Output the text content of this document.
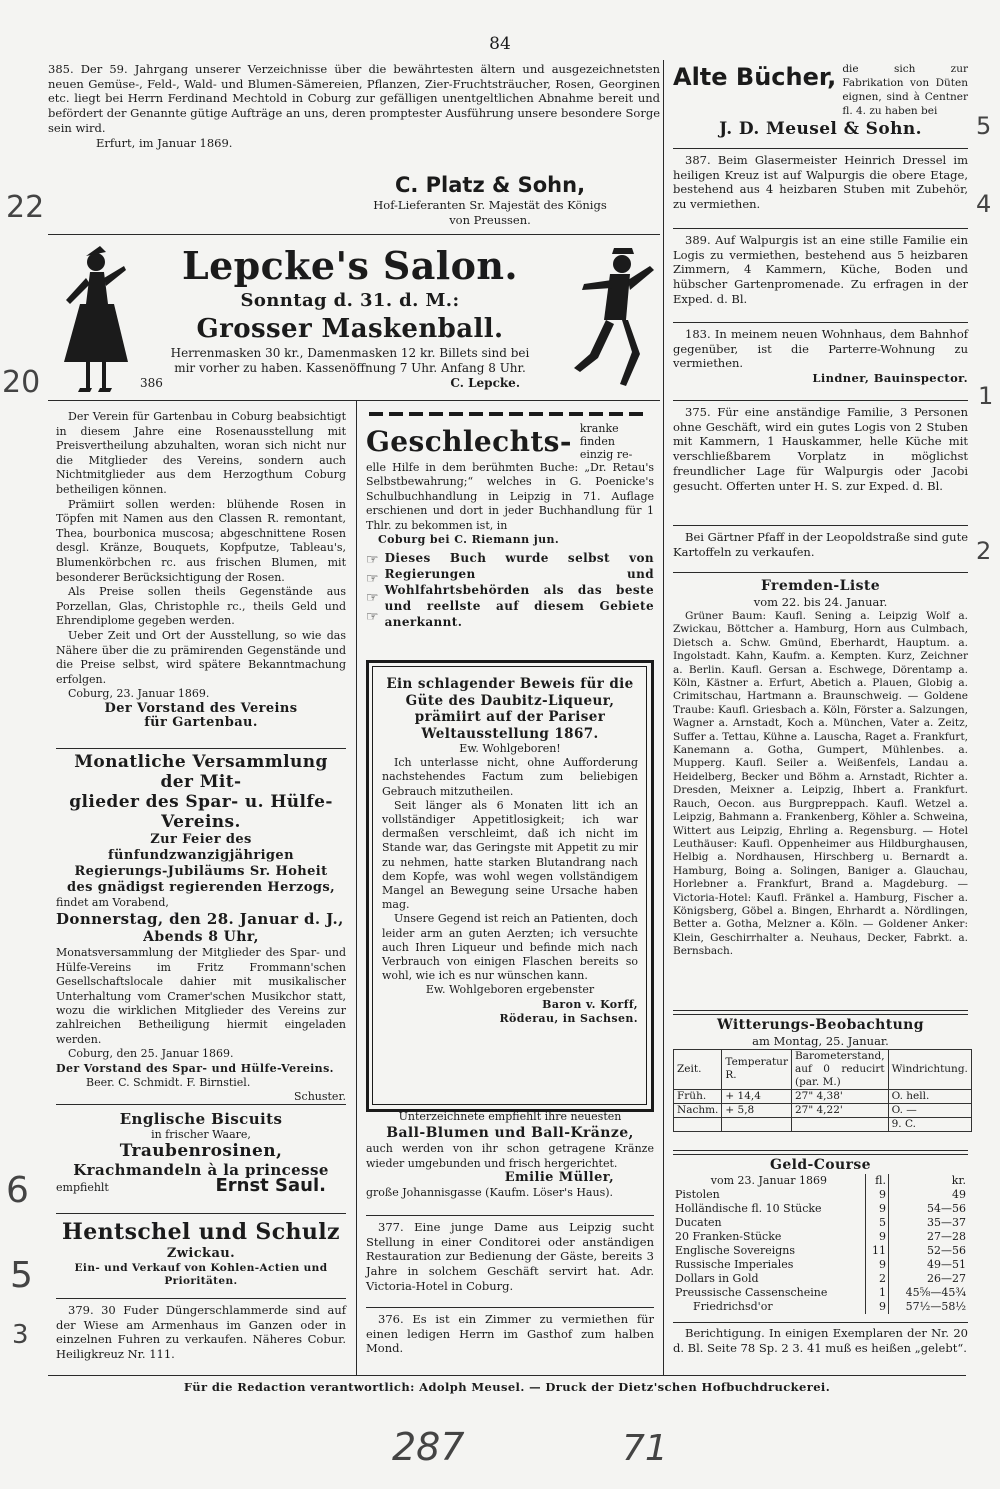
84

385. Der 59. Jahrgang unserer Verzeichnisse über die bewährtesten ältern und ausgezeichnetsten neuen Gemüse-, Feld-, Wald- und Blumen-Sämereien, Pflanzen, Zier-Fruchtsträucher, Rosen, Georginen etc. liegt bei Herrn Ferdinand Mechtold in Coburg zur gefälligen unentgeltlichen Abnahme bereit und befördert der Genannte gütige Aufträge an uns, deren promptester Ausführung unsere besondere Sorge sein wird.

Erfurt, im Januar 1869.

C. Platz & Sohn,
Hof-Lieferanten Sr. Majestät des Königs
von Preussen.
Lepcke's Salon.
Sonntag d. 31. d. M.:
Grosser Maskenball.
Herrenmasken 30 kr., Damenmasken 12 kr. Billets sind bei
mir vorher zu haben. Kassenöffnung 7 Uhr. Anfang 8 Uhr.
386	C. Lepcke.

Der Verein für Gartenbau in Coburg beabsichtigt in diesem Jahre eine Rosenausstellung mit Preisvertheilung abzuhalten, woran sich nicht nur die Mitglieder des Vereins, sondern auch Nichtmitglieder aus dem Herzogthum Coburg betheiligen können.

Prämiirt sollen werden: blühende Rosen in Töpfen mit Namen aus den Classen R. remontant, Thea, bourbonica muscosa; abgeschnittene Rosen desgl. Kränze, Bouquets, Kopfputze, Tableau's, Blumenkörbchen rc. aus frischen Blumen, mit besonderer Berücksichtigung der Rosen.

Als Preise sollen theils Gegenstände aus Porzellan, Glas, Christophle rc., theils Geld und Ehrendiplome gegeben werden.

Ueber Zeit und Ort der Ausstellung, so wie das Nähere über die zu prämirenden Gegenstände und die Preise selbst, wird spätere Bekanntmachung erfolgen.

Coburg, 23. Januar 1869.

Der Vorstand des Vereins

für Gartenbau.

Monatliche Versammlung der Mit-
glieder des Spar- u. Hülfe-Vereins.
Zur Feier des fünfundzwanzigjährigen
Regierungs-Jubiläums Sr. Hoheit
des gnädigst regierenden Herzogs,
findet am Vorabend,
Donnerstag, den 28. Januar d. J.,
Abends 8 Uhr,

Monatsversammlung der Mitglieder des Spar- und Hülfe-Vereins im Fritz Frommann'schen Gesellschaftslocale dahier mit musikalischer Unterhaltung vom Cramer'schen Musikchor statt, wozu die wirklichen Mitglieder des Vereins zur zahlreichen Betheiligung hiermit eingeladen werden.

Coburg, den 25. Januar 1869.

Der Vorstand des Spar- und Hülfe-Vereins.

Beer. C. Schmidt. F. Birnstiel.

Schuster.

Englische Biscuits
in frischer Waare,
Traubenrosinen,
Krachmandeln à la princesse
empfiehlt	Ernst Saul.
Hentschel und Schulz
Zwickau.
Ein- und Verkauf von Kohlen-Actien und
Prioritäten.

379. 30 Fuder Düngerschlammerde sind auf der Wiese am Armenhaus im Ganzen oder in einzelnen Fuhren zu verkaufen. Näheres Cobur. Heiligkreuz Nr. 111.

Geschlechts- kranke finden
einzig re-

elle Hilfe in dem berühmten Buche: „Dr. Retau's Selbstbewahrung;“ welches in G. Poenicke's Schulbuchhandlung in Leipzig in 71. Auflage erschienen und dort in jeder Buchhandlung für 1 Thlr. zu bekommen ist, in

Coburg bei C. Riemann jun.

☞
☞
☞
☞

Dieses Buch wurde selbst von Regierungen und Wohlfahrtsbehörden als das beste und reellste auf diesem Gebiete anerkannt.

Ein schlagender Beweis für die Güte des Daubitz-Liqueur, prämiirt auf der Pariser Weltausstellung 1867.

Ew. Wohlgeboren!

Ich unterlasse nicht, ohne Aufforderung nachstehendes Factum zum beliebigen Gebrauch mitzutheilen.

Seit länger als 6 Monaten litt ich an vollständiger Appetitlosigkeit; ich war dermaßen verschleimt, daß ich nicht im Stande war, das Geringste mit Appetit zu mir zu nehmen, hatte starken Blutandrang nach dem Kopfe, was wohl wegen vollständigem Mangel an Bewegung seine Ursache haben mag.

Unsere Gegend ist reich an Patienten, doch leider arm an guten Aerzten; ich versuchte auch Ihren Liqueur und befinde mich nach Verbrauch von einigen Flaschen bereits so wohl, wie ich es nur wünschen kann.

Ew. Wohlgeboren ergebenster

Baron v. Korff,

Röderau, in Sachsen.

Unterzeichnete empfiehlt ihre neuesten

Ball-Blumen und Ball-Kränze,

auch werden von ihr schon getragene Kränze wieder umgebunden und frisch hergerichtet.

Emilie Müller,

große Johannisgasse (Kaufm. Löser's Haus).

377. Eine junge Dame aus Leipzig sucht Stellung in einer Conditorei oder anständigen Restauration zur Bedienung der Gäste, bereits 3 Jahre in solchem Geschäft servirt hat. Adr. Victoria-Hotel in Coburg.

376. Es ist ein Zimmer zu vermiethen für einen ledigen Herrn im Gasthof zum halben Mond.

Alte Bücher, die sich zur Fabrikation von Düten eignen, sind à Centner fl. 4. zu haben bei
J. D. Meusel & Sohn.

387. Beim Glasermeister Heinrich Dressel im heiligen Kreuz ist auf Walpurgis die obere Etage, bestehend aus 4 heizbaren Stuben mit Zubehör, zu vermiethen.

389. Auf Walpurgis ist an eine stille Familie ein Logis zu vermiethen, bestehend aus 5 heizbaren Zimmern, 4 Kammern, Küche, Boden und hübscher Gartenpromenade. Zu erfragen in der Exped. d. Bl.

183. In meinem neuen Wohnhaus, dem Bahnhof gegenüber, ist die Parterre-Wohnung zu vermiethen.

Lindner, Bauinspector.

375. Für eine anständige Familie, 3 Personen ohne Geschäft, wird ein gutes Logis von 2 Stuben mit Kammern, 1 Hauskammer, helle Küche mit verschließbarem Vorplatz in möglichst freundlicher Lage für Walpurgis oder Jacobi gesucht. Offerten unter H. S. zur Exped. d. Bl.

Bei Gärtner Pfaff in der Leopoldstraße sind gute Kartoffeln zu verkaufen.

Fremden-Liste

vom 22. bis 24. Januar.

Grüner Baum: Kaufl. Sening a. Leipzig Wolf a. Zwickau, Böttcher a. Hamburg, Horn aus Culmbach, Dietsch a. Schw. Gmünd, Eberhardt, Hauptum. a. Ingolstadt. Kahn, Kaufm. a. Kempten. Kurz, Zeichner a. Berlin. Kaufl. Gersan a. Eschwege, Dörentamp a. Köln, Kästner a. Erfurt, Abetich a. Plauen, Globig a. Crimitschau, Hartmann a. Braunschweig. — Goldene Traube: Kaufl. Griesbach a. Köln, Förster a. Salzungen, Wagner a. Arnstadt, Koch a. München, Vater a. Zeitz, Suffer a. Tettau, Kühne a. Lauscha, Raget a. Frankfurt, Kanemann a. Gotha, Gumpert, Mühlenbes. a. Mupperg. Kaufl. Seiler a. Weißenfels, Landau a. Heidelberg, Becker und Böhm a. Arnstadt, Richter a. Dresden, Meixner a. Leipzig, Ihbert a. Frankfurt. Rauch, Oecon. aus Burgpreppach. Kaufl. Wetzel a. Leipzig, Bahmann a. Frankenberg, Köhler a. Schweina, Wittert aus Leipzig, Ehrling a. Regensburg. — Hotel Leuthäuser: Kaufl. Oppenheimer aus Hildburghausen, Helbig a. Nordhausen, Hirschberg u. Bernardt a. Hamburg, Boing a. Solingen, Baniger a. Glauchau, Horlebner a. Frankfurt, Brand a. Magdeburg. — Victoria-Hotel: Kaufl. Fränkel a. Hamburg, Fischer a. Königsberg, Göbel a. Bingen, Ehrhardt a. Nördlingen, Better a. Gotha, Melzner a. Köln. — Goldener Anker: Klein, Geschirrhalter a. Neuhaus, Decker, Fabrkt. a. Bernsbach.

Witterungs-Beobachtung

am Montag, 25. Januar.

Zeit.	Temperatur R.	Barometerstand, auf 0 reducirt (par. M.)	Windrichtung.
Früh.	+ 14,4	27" 4,38'	O. hell.
Nachm.	+ 5,8	27" 4,22'	O. —
			9. C.

Geld-Course

vom 23. Januar 1869	fl.	kr.
Pistolen	9	49
Holländische fl. 10 Stücke	9	54—56
Ducaten	5	35—37
20 Franken-Stücke	9	27—28
Englische Sovereigns	11	52—56
Russische Imperiales	9	49—51
Dollars in Gold	2	26—27
Preussische Cassenscheine	1	45⅝—45¾
Friedrichsd'or	9	57½—58½

Berichtigung. In einigen Exemplaren der Nr. 20 d. Bl. Seite 78 Sp. 2 3. 41 muß es heißen „gelebt“.

Für die Redaction verantwortlich: Adolph Meusel. — Druck der Dietz'schen Hofbuchdruckerei.
22
20
6
5
3
287	71
5
4
1
2
